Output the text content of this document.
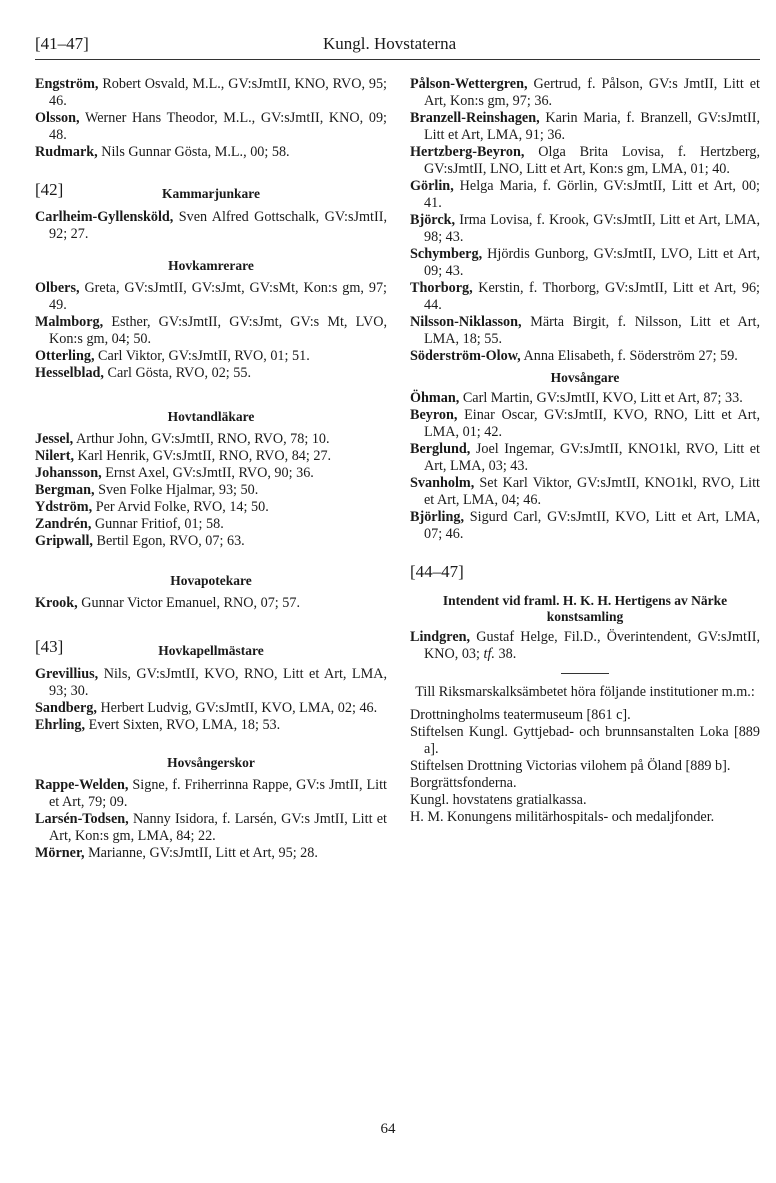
[41–47]	Kungl. Hovstaterna
Engström, Robert Osvald, M.L., GV:sJmtII, KNO, RVO, 95; 46.
Olsson, Werner Hans Theodor, M.L., GV:sJmtII, KNO, 09; 48.
Rudmark, Nils Gunnar Gösta, M.L., 00; 58.
[42]	Kammarjunkare
Carlheim-Gyllensköld, Sven Alfred Gottschalk, GV:sJmtII, 92; 27.
Hovkamrerare
Olbers, Greta, GV:sJmtII, GV:sJmt, GV:sMt, Kon:s gm, 97; 49.
Malmborg, Esther, GV:sJmtII, GV:sJmt, GV:s Mt, LVO, Kon:s gm, 04; 50.
Otterling, Carl Viktor, GV:sJmtII, RVO, 01; 51.
Hesselblad, Carl Gösta, RVO, 02; 55.
Hovtandläkare
Jessel, Arthur John, GV:sJmtII, RNO, RVO, 78; 10.
Nilert, Karl Henrik, GV:sJmtII, RNO, RVO, 84; 27.
Johansson, Ernst Axel, GV:sJmtII, RVO, 90; 36.
Bergman, Sven Folke Hjalmar, 93; 50.
Ydström, Per Arvid Folke, RVO, 14; 50.
Zandrén, Gunnar Fritiof, 01; 58.
Gripwall, Bertil Egon, RVO, 07; 63.
Hovapotekare
Krook, Gunnar Victor Emanuel, RNO, 07; 57.
[43]	Hovkapellmästare
Grevillius, Nils, GV:sJmtII, KVO, RNO, Litt et Art, LMA, 93; 30.
Sandberg, Herbert Ludvig, GV:sJmtII, KVO, LMA, 02; 46.
Ehrling, Evert Sixten, RVO, LMA, 18; 53.
Hovsångerskor
Rappe-Welden, Signe, f. Friherrinna Rappe, GV:s JmtII, Litt et Art, 79; 09.
Larsén-Todsen, Nanny Isidora, f. Larsén, GV:s JmtII, Litt et Art, Kon:s gm, LMA, 84; 22.
Mörner, Marianne, GV:sJmtII, Litt et Art, 95; 28.
Pålson-Wettergren, Gertrud, f. Pålson, GV:s JmtII, Litt et Art, Kon:s gm, 97; 36.
Branzell-Reinshagen, Karin Maria, f. Branzell, GV:sJmtII, Litt et Art, LMA, 91; 36.
Hertzberg-Beyron, Olga Brita Lovisa, f. Hertzberg, GV:sJmtII, LNO, Litt et Art, Kon:s gm, LMA, 01; 40.
Görlin, Helga Maria, f. Görlin, GV:sJmtII, Litt et Art, 00; 41.
Björck, Irma Lovisa, f. Krook, GV:sJmtII, Litt et Art, LMA, 98; 43.
Schymberg, Hjördis Gunborg, GV:sJmtII, LVO, Litt et Art, 09; 43.
Thorborg, Kerstin, f. Thorborg, GV:sJmtII, Litt et Art, 96; 44.
Nilsson-Niklasson, Märta Birgit, f. Nilsson, Litt et Art, LMA, 18; 55.
Söderström-Olow, Anna Elisabeth, f. Söderström 27; 59.
Hovsångare
Öhman, Carl Martin, GV:sJmtII, KVO, Litt et Art, 87; 33.
Beyron, Einar Oscar, GV:sJmtII, KVO, RNO, Litt et Art, LMA, 01; 42.
Berglund, Joel Ingemar, GV:sJmtII, KNO1kl, RVO, Litt et Art, LMA, 03; 43.
Svanholm, Set Karl Viktor, GV:sJmtII, KNO1kl, RVO, Litt et Art, LMA, 04; 46.
Björling, Sigurd Carl, GV:sJmtII, KVO, Litt et Art, LMA, 07; 46.
[44–47]
Intendent vid framl. H. K. H. Hertigens av Närke konstsamling
Lindgren, Gustaf Helge, Fil.D., Överintendent, GV:sJmtII, KNO, 03; tf. 38.
Till Riksmarskalksämbetet höra följande institutioner m.m.:
Drottningholms teatermuseum [861 c].
Stiftelsen Kungl. Gyttjebad- och brunnsanstalten Loka [889 a].
Stiftelsen Drottning Victorias vilohem på Öland [889 b].
Borgrättsfonderna.
Kungl. hovstatens gratialkassa.
H. M. Konungens militärhospitals- och medaljfonder.
64
